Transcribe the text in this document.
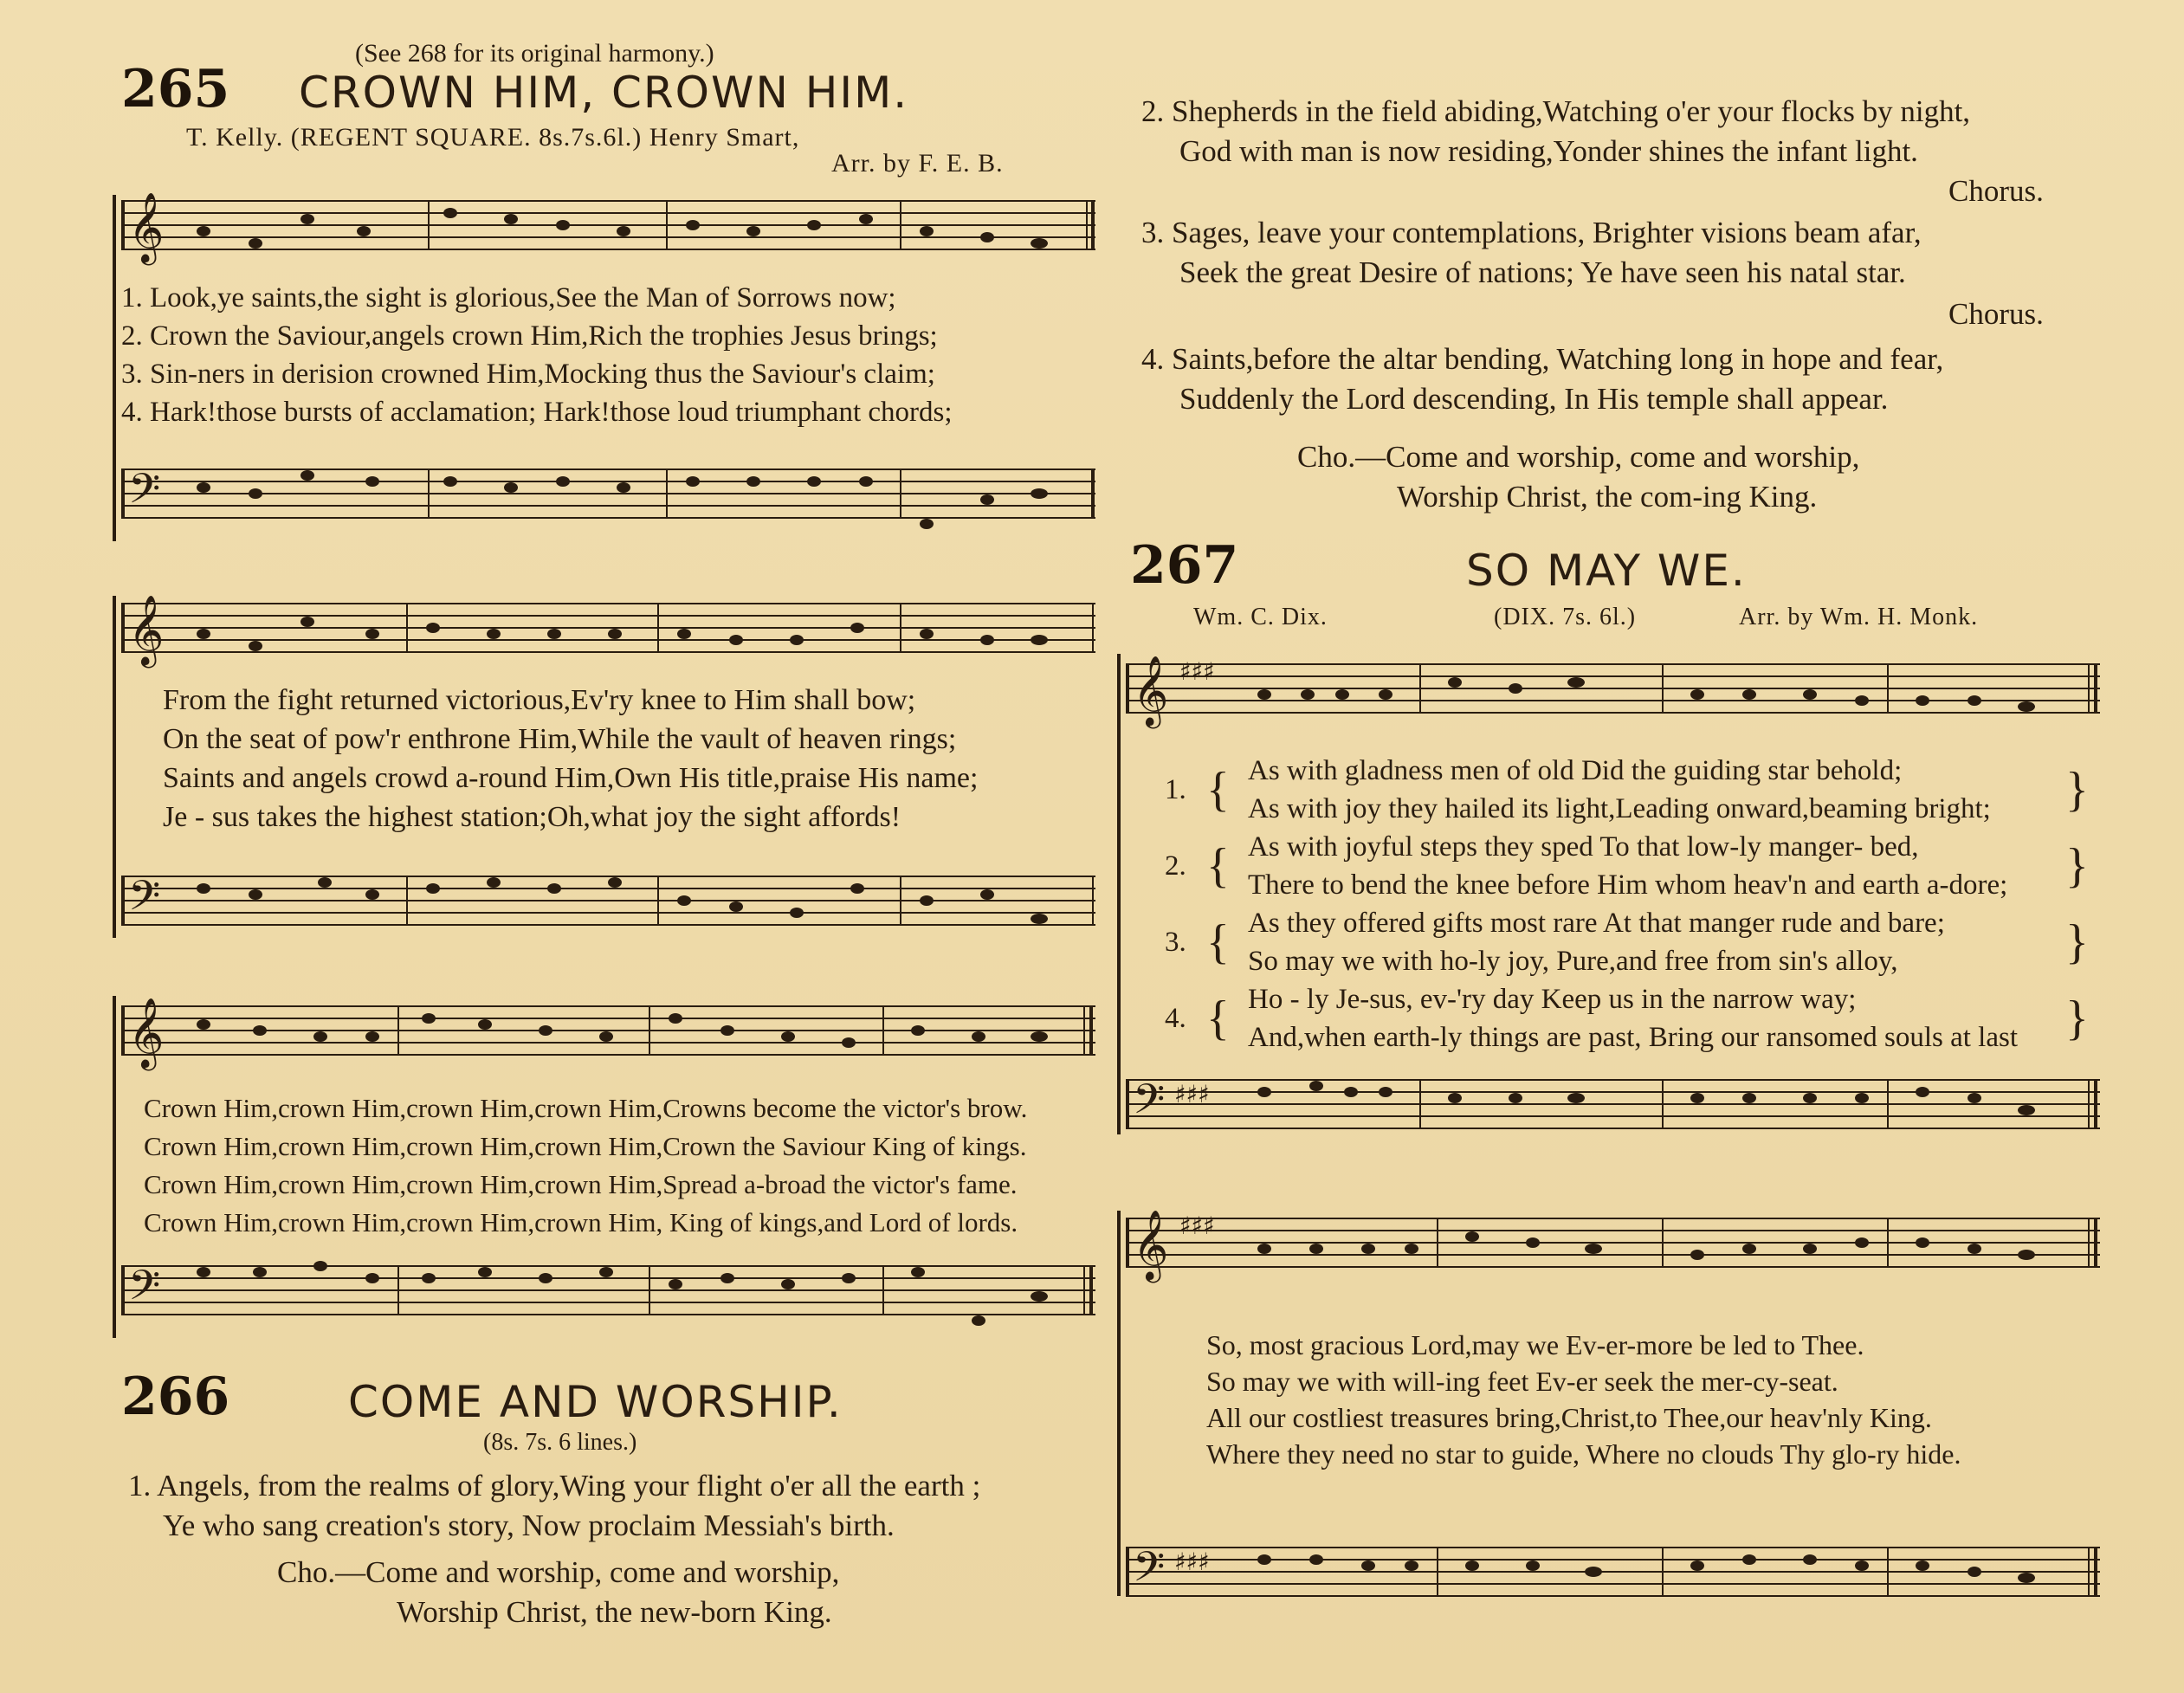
(See 268 for its original harmony.)
265 CROWN HIM, CROWN HIM.
T. Kelly. (REGENT SQUARE. 8s.7s.6l.) Henry Smart,
Arr. by F. E. B.
𝄞
1. Look,ye saints,the sight is glorious,See the Man of Sorrows now;
2. Crown the Saviour,angels crown Him,Rich the trophies Jesus brings;
3. Sin-ners in derision crowned Him,Mocking thus the Saviour's claim;
4. Hark!those bursts of acclamation; Hark!those loud triumphant chords;
𝄢
𝄞
From the fight returned victorious,Ev'ry knee to Him shall bow;
On the seat of pow'r enthrone Him,While the vault of heaven rings;
Saints and angels crowd a-round Him,Own His title,praise His name;
Je - sus takes the highest station;Oh,what joy the sight affords!
𝄢
𝄞
Crown Him,crown Him,crown Him,crown Him,Crowns become the victor's brow.
Crown Him,crown Him,crown Him,crown Him,Crown the Saviour King of kings.
Crown Him,crown Him,crown Him,crown Him,Spread a-broad the victor's fame.
Crown Him,crown Him,crown Him,crown Him, King of kings,and Lord of lords.
𝄢
266	COME AND WORSHIP.
(8s. 7s. 6 lines.)
1. Angels, from the realms of glory,Wing your flight o'er all the earth ;
Ye who sang creation's story, Now proclaim Messiah's birth.
Cho.—Come and worship, come and worship,
Worship Christ, the new-born King.
2. Shepherds in the field abiding,Watching o'er your flocks by night,
God with man is now residing,Yonder shines the infant light.
Chorus.
3. Sages, leave your contemplations, Brighter visions beam afar,
Seek the great Desire of nations; Ye have seen his natal star.
Chorus.
4. Saints,before the altar bending, Watching long in hope and fear,
Suddenly the Lord descending, In His temple shall appear.
Cho.—Come and worship, come and worship,
Worship Christ, the com-ing King.
267	SO MAY WE.
Wm. C. Dix.	(DIX. 7s. 6l.)	Arr. by Wm. H. Monk.
𝄞 ♯♯♯
1. { As with gladness men of old Did the guiding star behold;
As with joy they hailed its light,Leading onward,beaming bright; }
2. { As with joyful steps they sped To that low-ly manger- bed,
There to bend the knee before Him whom heav'n and earth a-dore; }
3. { As they offered gifts most rare At that manger rude and bare;
So may we with ho-ly joy, Pure,and free from sin's alloy,	}
4. { Ho - ly Je-sus, ev-'ry day Keep us in the narrow way;
And,when earth-ly things are past, Bring our ransomed souls at last }
𝄢 ♯♯♯
𝄞 ♯♯♯
So, most gracious Lord,may we Ev-er-more be led to Thee.
So may we with will-ing feet Ev-er seek the mer-cy-seat.
All our costliest treasures bring,Christ,to Thee,our heav'nly King.
Where they need no star to guide, Where no clouds Thy glo-ry hide.
𝄢 ♯♯♯
